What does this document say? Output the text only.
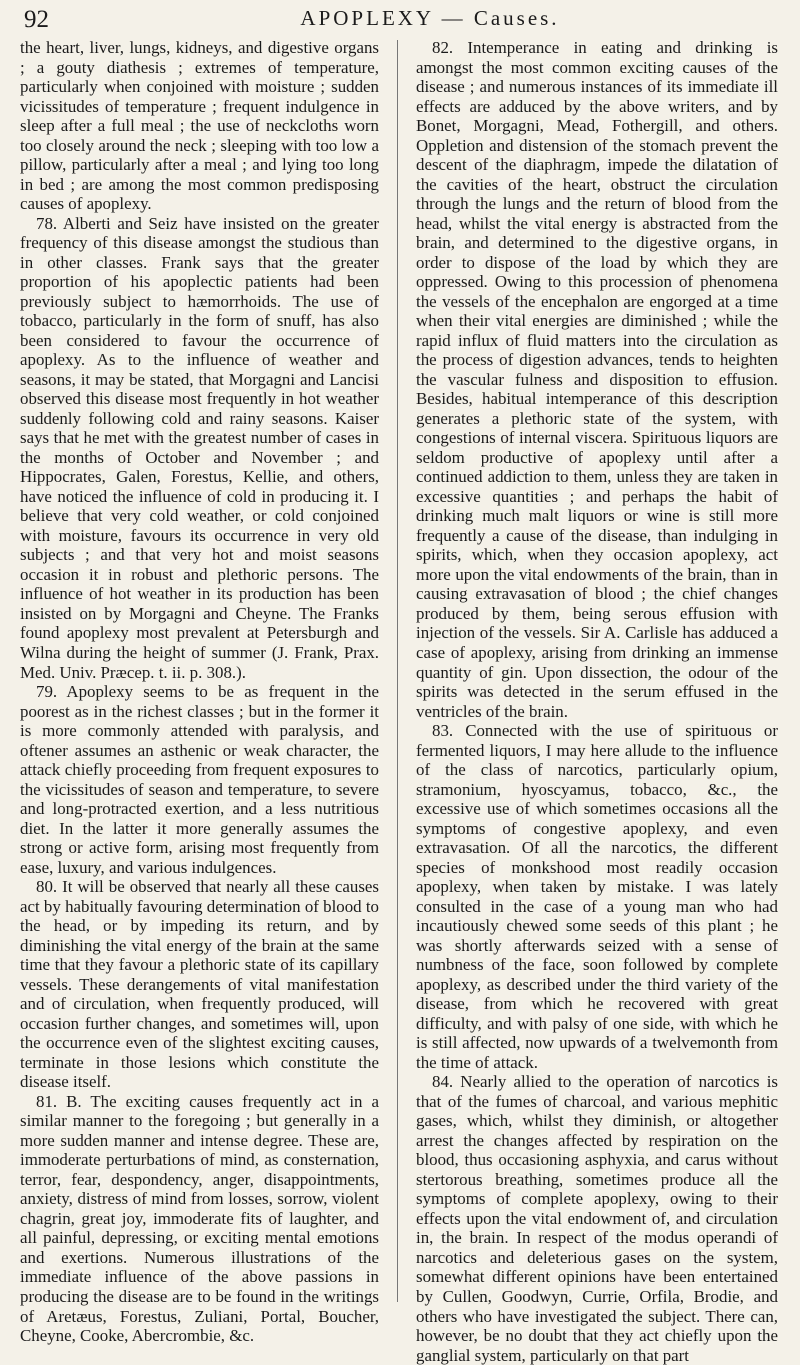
92	APOPLEXY — Causes.

the heart, liver, lungs, kidneys, and digestive organs ; a gouty diathesis ; extremes of temperature, particularly when conjoined with moisture ; sudden vicissitudes of temperature ; frequent indulgence in sleep after a full meal ; the use of neckcloths worn too closely around the neck ; sleeping with too low a pillow, particularly after a meal ; and lying too long in bed ; are among the most common predisposing causes of apoplexy.

78. Alberti and Seiz have insisted on the greater frequency of this disease amongst the studious than in other classes. Frank says that the greater proportion of his apoplectic patients had been previously subject to hæmorrhoids. The use of tobacco, particularly in the form of snuff, has also been considered to favour the occurrence of apoplexy. As to the influence of weather and seasons, it may be stated, that Morgagni and Lancisi observed this disease most frequently in hot weather suddenly following cold and rainy seasons. Kaiser says that he met with the greatest number of cases in the months of October and November ; and Hippocrates, Galen, Forestus, Kellie, and others, have noticed the influence of cold in producing it. I believe that very cold weather, or cold conjoined with moisture, favours its occurrence in very old subjects ; and that very hot and moist seasons occasion it in robust and plethoric persons. The influence of hot weather in its production has been insisted on by Morgagni and Cheyne. The Franks found apoplexy most prevalent at Petersburgh and Wilna during the height of summer (J. Frank, Prax. Med. Univ. Præcep. t. ii. p. 308.).

79. Apoplexy seems to be as frequent in the poorest as in the richest classes ; but in the former it is more commonly attended with paralysis, and oftener assumes an asthenic or weak character, the attack chiefly proceeding from frequent exposures to the vicissitudes of season and temperature, to severe and long-protracted exertion, and a less nutritious diet. In the latter it more generally assumes the strong or active form, arising most frequently from ease, luxury, and various indulgences.

80. It will be observed that nearly all these causes act by habitually favouring determination of blood to the head, or by impeding its return, and by diminishing the vital energy of the brain at the same time that they favour a plethoric state of its capillary vessels. These derangements of vital manifestation and of circulation, when frequently produced, will occasion further changes, and sometimes will, upon the occurrence even of the slightest exciting causes, terminate in those lesions which constitute the disease itself.

81. B. The exciting causes frequently act in a similar manner to the foregoing ; but generally in a more sudden manner and intense degree. These are, immoderate perturbations of mind, as consternation, terror, fear, despondency, anger, disappointments, anxiety, distress of mind from losses, sorrow, violent chagrin, great joy, immoderate fits of laughter, and all painful, depressing, or exciting mental emotions and exertions. Numerous illustrations of the immediate influence of the above passions in producing the disease are to be found in the writings of Aretæus, Forestus, Zuliani, Portal, Boucher, Cheyne, Cooke, Abercrombie, &c.

82. Intemperance in eating and drinking is amongst the most common exciting causes of the disease ; and numerous instances of its immediate ill effects are adduced by the above writers, and by Bonet, Morgagni, Mead, Fothergill, and others. Oppletion and distension of the stomach prevent the descent of the diaphragm, impede the dilatation of the cavities of the heart, obstruct the circulation through the lungs and the return of blood from the head, whilst the vital energy is abstracted from the brain, and determined to the digestive organs, in order to dispose of the load by which they are oppressed. Owing to this procession of phenomena the vessels of the encephalon are engorged at a time when their vital energies are diminished ; while the rapid influx of fluid matters into the circulation as the process of digestion advances, tends to heighten the vascular fulness and disposition to effusion. Besides, habitual intemperance of this description generates a plethoric state of the system, with congestions of internal viscera. Spirituous liquors are seldom productive of apoplexy until after a continued addiction to them, unless they are taken in excessive quantities ; and perhaps the habit of drinking much malt liquors or wine is still more frequently a cause of the disease, than indulging in spirits, which, when they occasion apoplexy, act more upon the vital endowments of the brain, than in causing extravasation of blood ; the chief changes produced by them, being serous effusion with injection of the vessels. Sir A. Carlisle has adduced a case of apoplexy, arising from drinking an immense quantity of gin. Upon dissection, the odour of the spirits was detected in the serum effused in the ventricles of the brain.

83. Connected with the use of spirituous or fermented liquors, I may here allude to the influence of the class of narcotics, particularly opium, stramonium, hyoscyamus, tobacco, &c., the excessive use of which sometimes occasions all the symptoms of congestive apoplexy, and even extravasation. Of all the narcotics, the different species of monkshood most readily occasion apoplexy, when taken by mistake. I was lately consulted in the case of a young man who had incautiously chewed some seeds of this plant ; he was shortly afterwards seized with a sense of numbness of the face, soon followed by complete apoplexy, as described under the third variety of the disease, from which he recovered with great difficulty, and with palsy of one side, with which he is still affected, now upwards of a twelvemonth from the time of attack.

84. Nearly allied to the operation of narcotics is that of the fumes of charcoal, and various mephitic gases, which, whilst they diminish, or altogether arrest the changes affected by respiration on the blood, thus occasioning asphyxia, and carus without stertorous breathing, sometimes produce all the symptoms of complete apoplexy, owing to their effects upon the vital endowment of, and circulation in, the brain. In respect of the modus operandi of narcotics and deleterious gases on the system, somewhat different opinions have been entertained by Cullen, Goodwyn, Currie, Orfila, Brodie, and others who have investigated the subject. There can, however, be no doubt that they act chiefly upon the ganglial system, particularly on that part
